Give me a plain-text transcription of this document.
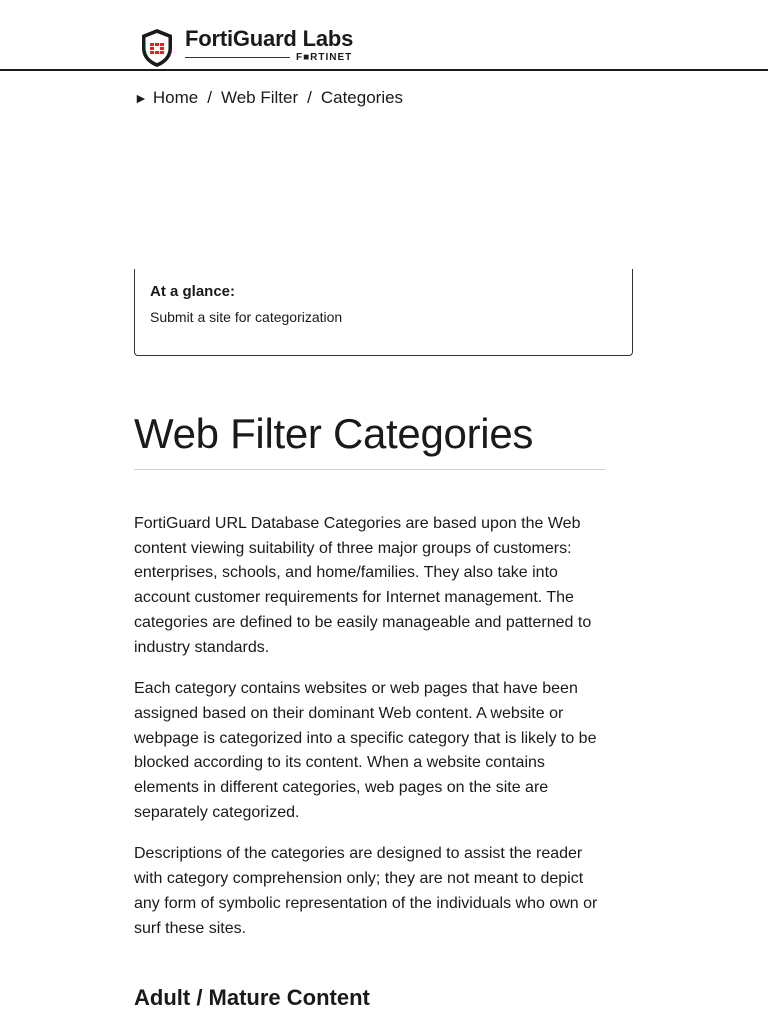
FortiGuard Labs
F■RTINET
► Home / Web Filter / Categories
At a glance:
Submit a site for categorization
Web Filter Categories

FortiGuard URL Database Categories are based upon the Web content viewing suitability of three major groups of customers: enterprises, schools, and home/families. They also take into account customer requirements for Internet management. The categories are defined to be easily manageable and patterned to industry standards.

Each category contains websites or web pages that have been assigned based on their dominant Web content. A website or webpage is categorized into a specific category that is likely to be blocked according to its content. When a website contains elements in different categories, web pages on the site are separately categorized.

Descriptions of the categories are designed to assist the reader with category comprehension only; they are not meant to depict any form of symbolic representation of the individuals who own or surf these sites.

Adult / Mature Content
